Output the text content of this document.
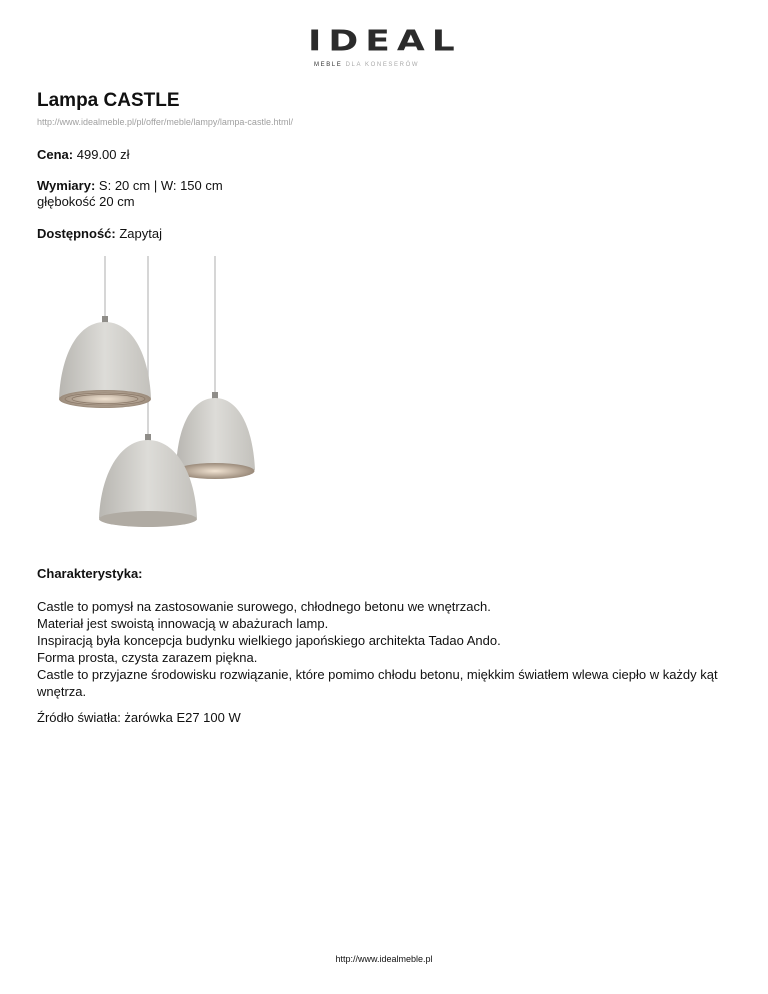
IDEAL
MEBLE DLA KONESERÓW
Lampa CASTLE
http://www.idealmeble.pl/pl/offer/meble/lampy/lampa-castle.html/
Cena: 499.00 zł
Wymiary: S: 20 cm | W: 150 cm
głębokość 20 cm
Dostępność: Zapytaj
Charakterystyka:
Castle to pomysł na zastosowanie surowego, chłodnego betonu we wnętrzach.
Materiał jest swoistą innowacją w abażurach lamp.
Inspiracją była koncepcja budynku wielkiego japońskiego architekta Tadao Ando.
Forma prosta, czysta zarazem piękna.
Castle to przyjazne środowisku rozwiązanie, które pomimo chłodu betonu, miękkim światłem wlewa ciepło w każdy kąt wnętrza.
Źródło światła: żarówka E27 100 W
http://www.idealmeble.pl
